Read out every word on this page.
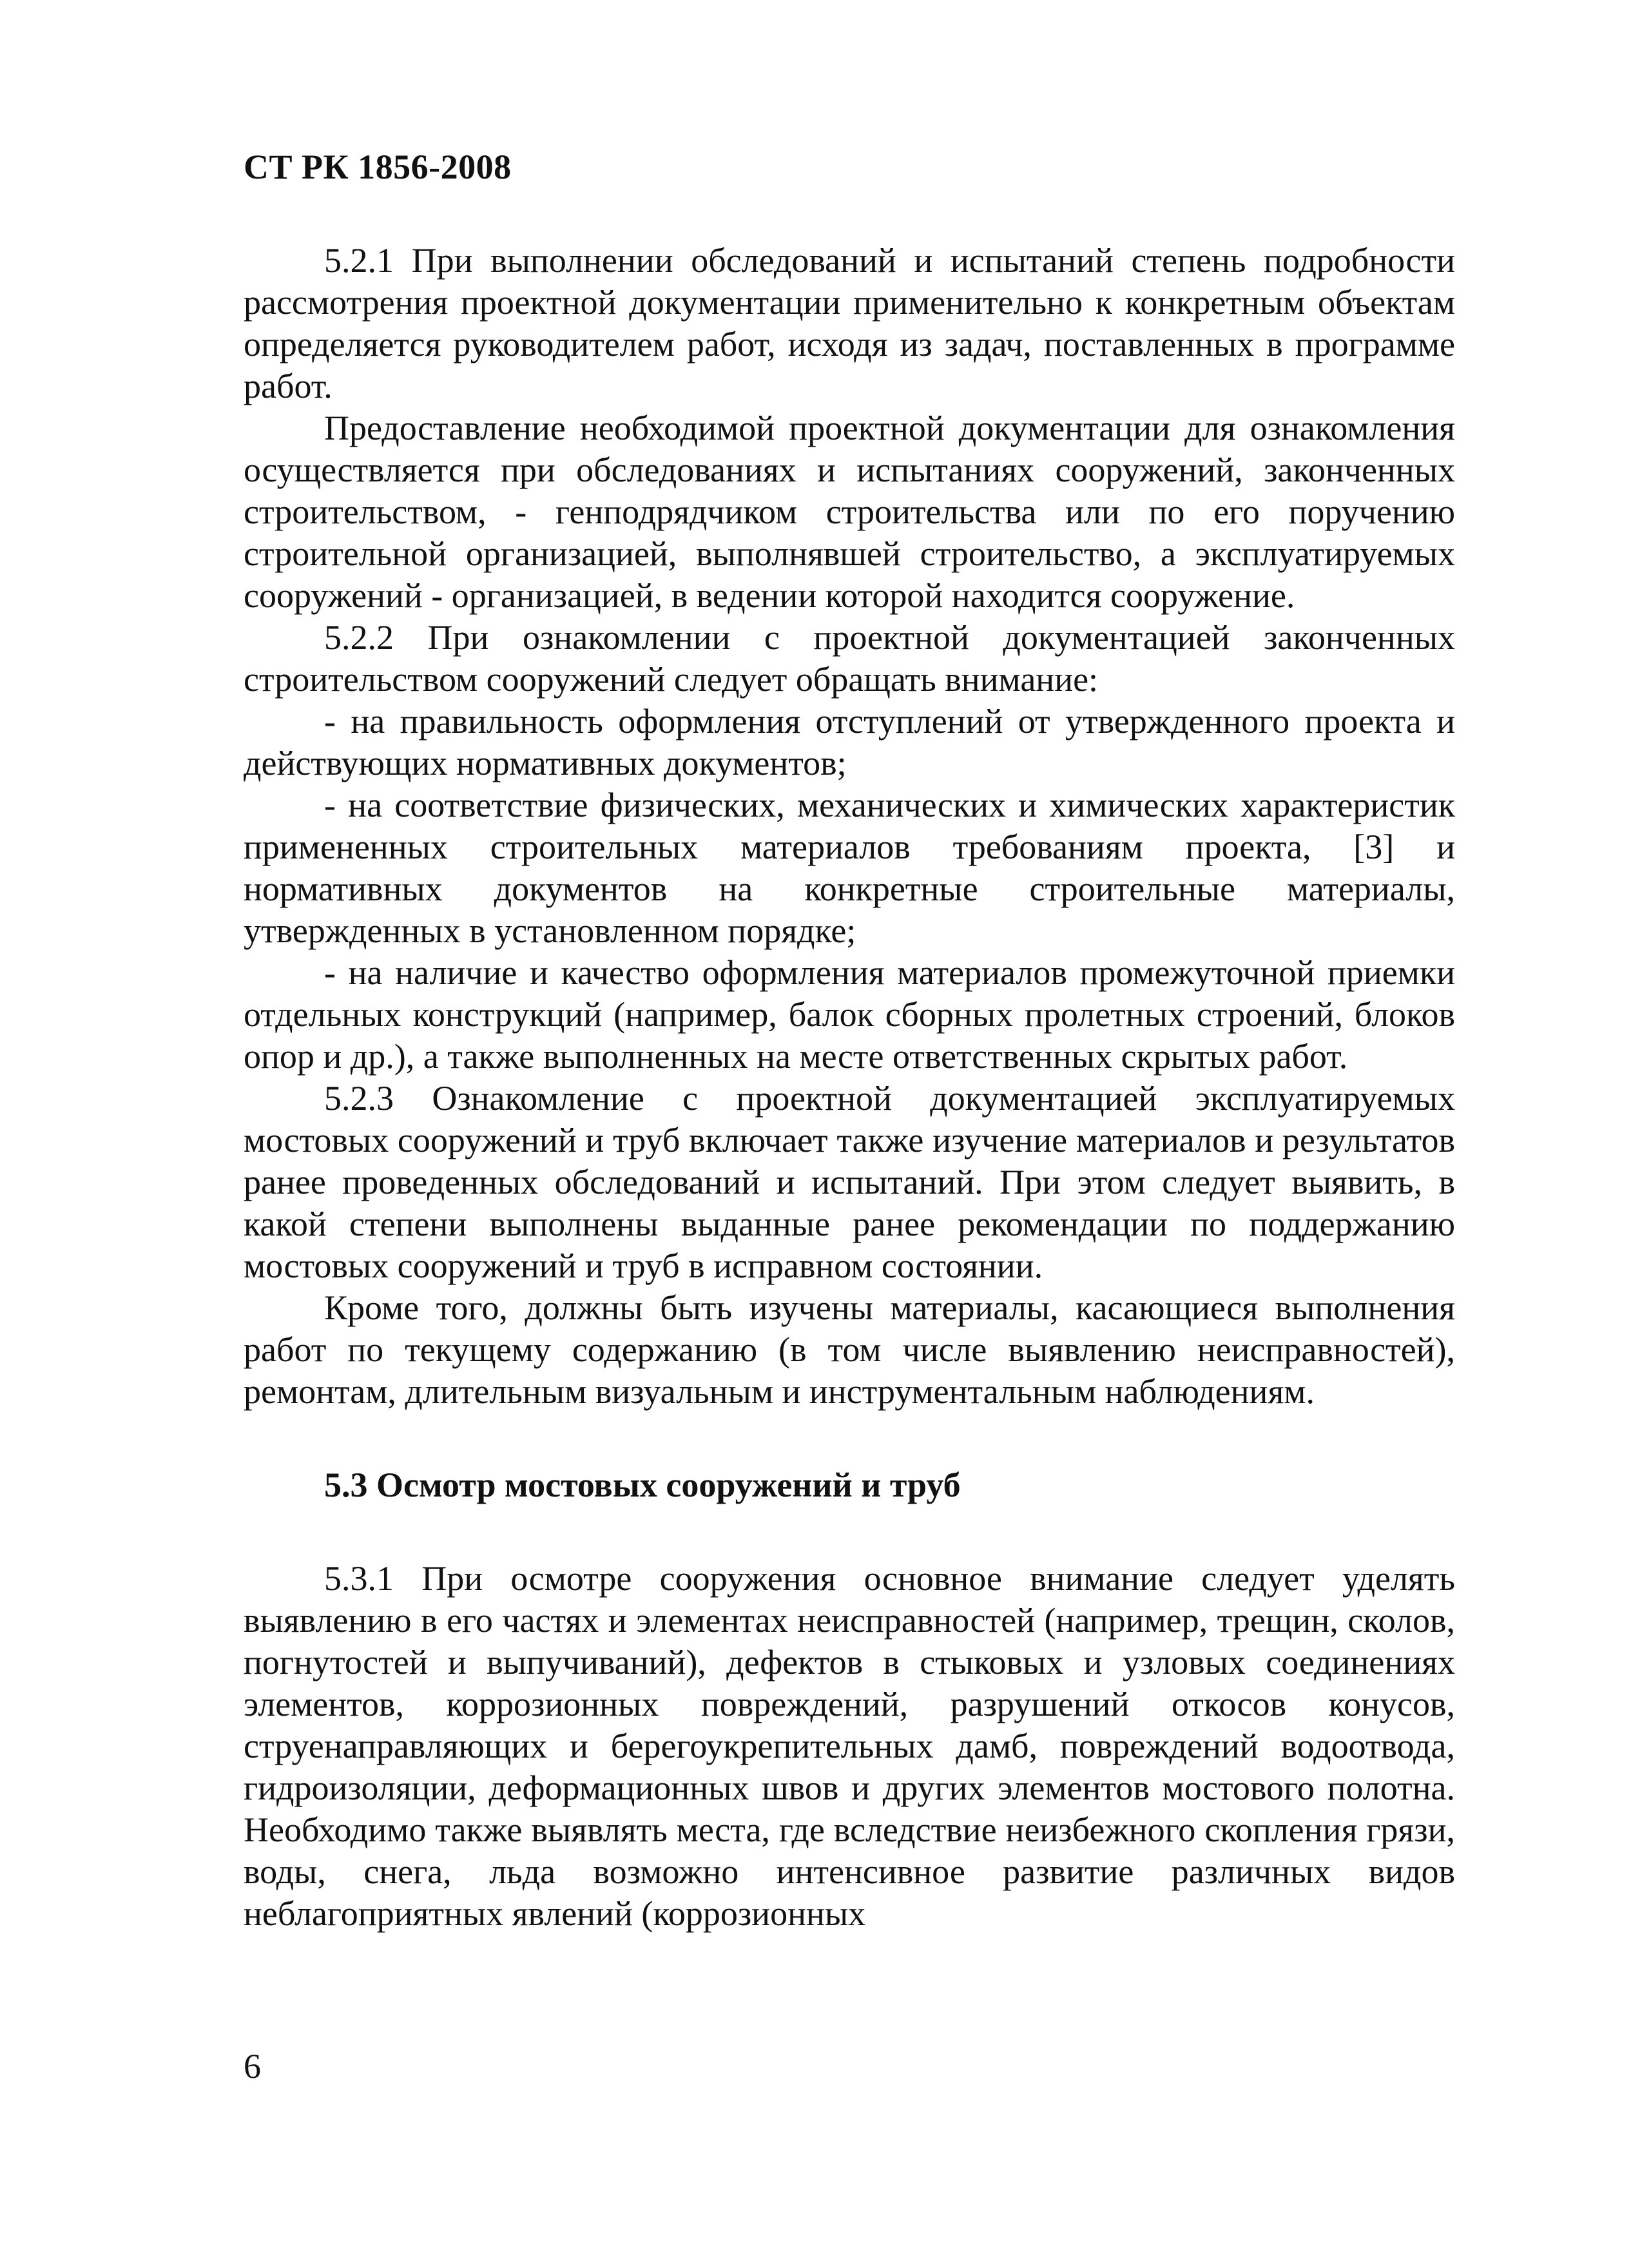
СТ РК 1856-2008

5.2.1 При выполнении обследований и испытаний степень подробности рассмотрения проектной документации применительно к конкретным объектам определяется руководителем работ, исходя из задач, поставленных в программе работ.

Предоставление необходимой проектной документации для ознакомления осуществляется при обследованиях и испытаниях сооружений, законченных строительством, - генподрядчиком строительства или по его поручению строительной организацией, выполнявшей строительство, а эксплуатируемых сооружений - организацией, в ведении которой находится сооружение.

5.2.2 При ознакомлении с проектной документацией законченных строительством сооружений следует обращать внимание:

- на правильность оформления отступлений от утвержденного проекта и действующих нормативных документов;

- на соответствие физических, механических и химических характеристик примененных строительных материалов требованиям проекта, [3] и нормативных документов на конкретные строительные материалы, утвержденных в установленном порядке;

- на наличие и качество оформления материалов промежуточной приемки отдельных конструкций (например, балок сборных пролетных строений, блоков опор и др.), а также выполненных на месте ответственных скрытых работ.

5.2.3 Ознакомление с проектной документацией эксплуатируемых мостовых сооружений и труб включает также изучение материалов и результатов ранее проведенных обследований и испытаний. При этом следует выявить, в какой степени выполнены выданные ранее рекомендации по поддержанию мостовых сооружений и труб в исправном состоянии.

Кроме того, должны быть изучены материалы, касающиеся выполнения работ по текущему содержанию (в том числе выявлению неисправностей), ремонтам, длительным визуальным и инструментальным наблюдениям.

5.3 Осмотр мостовых сооружений и труб

5.3.1 При осмотре сооружения основное внимание следует уделять выявлению в его частях и элементах неисправностей (например, трещин, сколов, погнутостей и выпучиваний), дефектов в стыковых и узловых соединениях элементов, коррозионных повреждений, разрушений откосов конусов, струенаправляющих и берегоукрепительных дамб, повреждений водоотвода, гидроизоляции, деформационных швов и других элементов мостового полотна. Необходимо также выявлять места, где вследствие неизбежного скопления грязи, воды, снега, льда возможно интенсивное развитие различных видов неблагоприятных явлений (коррозионных

6
